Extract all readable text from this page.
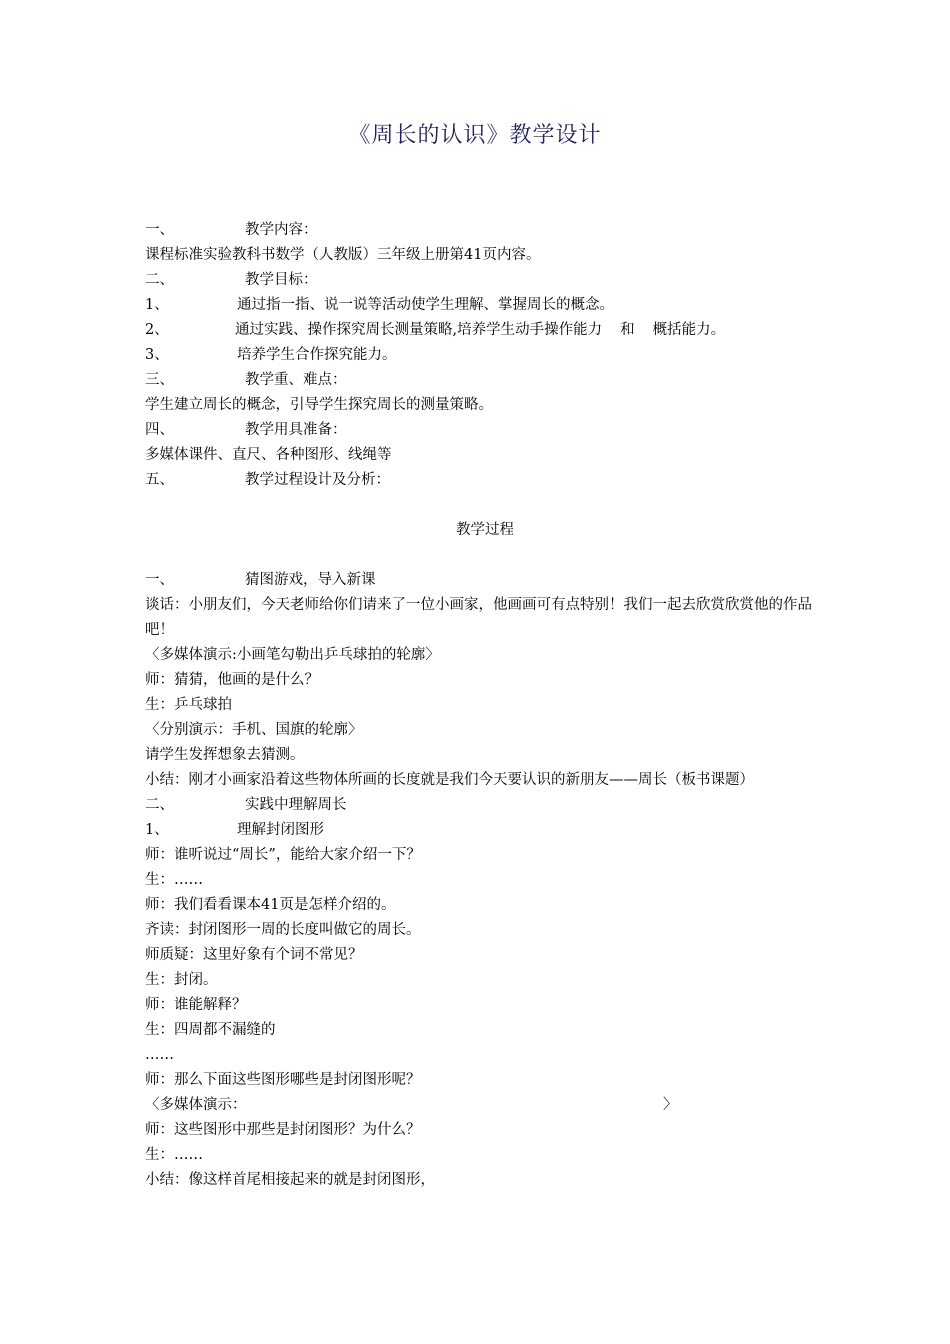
《周长的认识》教学设计
一、	教学内容：
课程标准实验教科书数学（人教版）三年级上册第41页内容。
二、	教学目标：
1、	通过指一指、说一说等活动使学生理解、掌握周长的概念。
2、	通过实践、操作探究周长测量策略,培养学生动手操作能力 和 概括能力。
3、	培养学生合作探究能力。
三、	教学重、难点：
学生建立周长的概念，引导学生探究周长的测量策略。
四、	教学用具准备：
多媒体课件、直尺、各种图形、线绳等
五、	教学过程设计及分析：
教学过程
一、	猜图游戏，导入新课
谈话：小朋友们，今天老师给你们请来了一位小画家，他画画可有点特别！我们一起去欣赏欣赏他的作品吧！
〈多媒体演示:小画笔勾勒出乒乓球拍的轮廓〉
师：猜猜，他画的是什么？
生：乒乓球拍
〈分别演示：手机、国旗的轮廓〉
请学生发挥想象去猜测。
小结：刚才小画家沿着这些物体所画的长度就是我们今天要认识的新朋友——周长（板书课题）
二、	实践中理解周长
1、	理解封闭图形
师：谁听说过“周长”，能给大家介绍一下？
生：……
师：我们看看课本41页是怎样介绍的。
齐读：封闭图形一周的长度叫做它的周长。
师质疑：这里好象有个词不常见？
生：封闭。
师：谁能解释？
生：四周都不漏缝的
……
师：那么下面这些图形哪些是封闭图形呢？
〈多媒体演示：	〉
师：这些图形中那些是封闭图形？为什么？
生：……
小结：像这样首尾相接起来的就是封闭图形，
